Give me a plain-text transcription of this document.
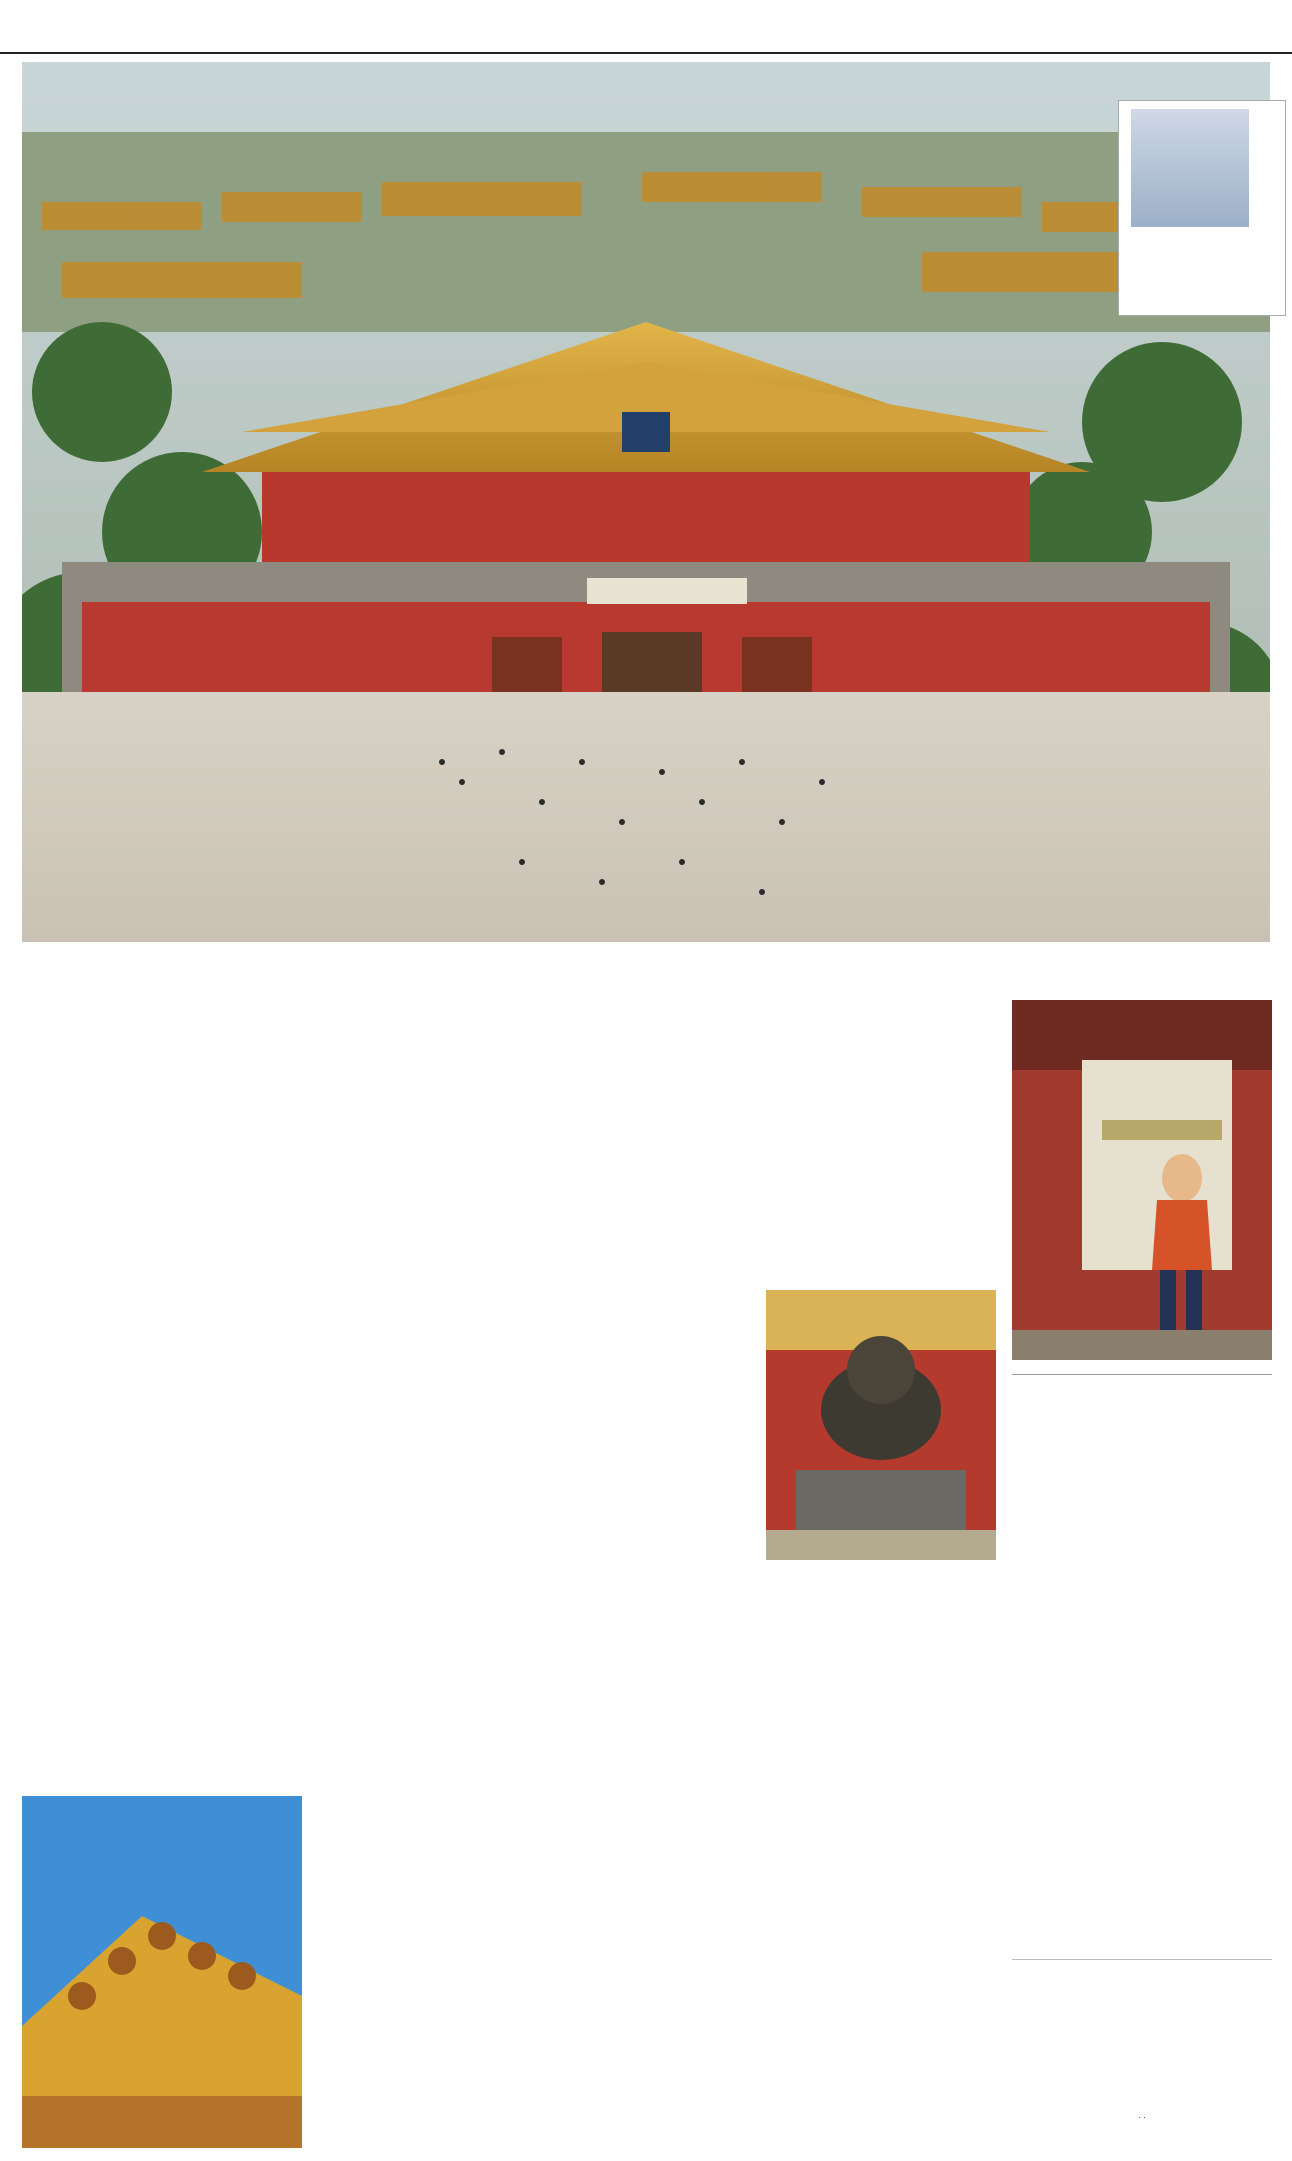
· ·
